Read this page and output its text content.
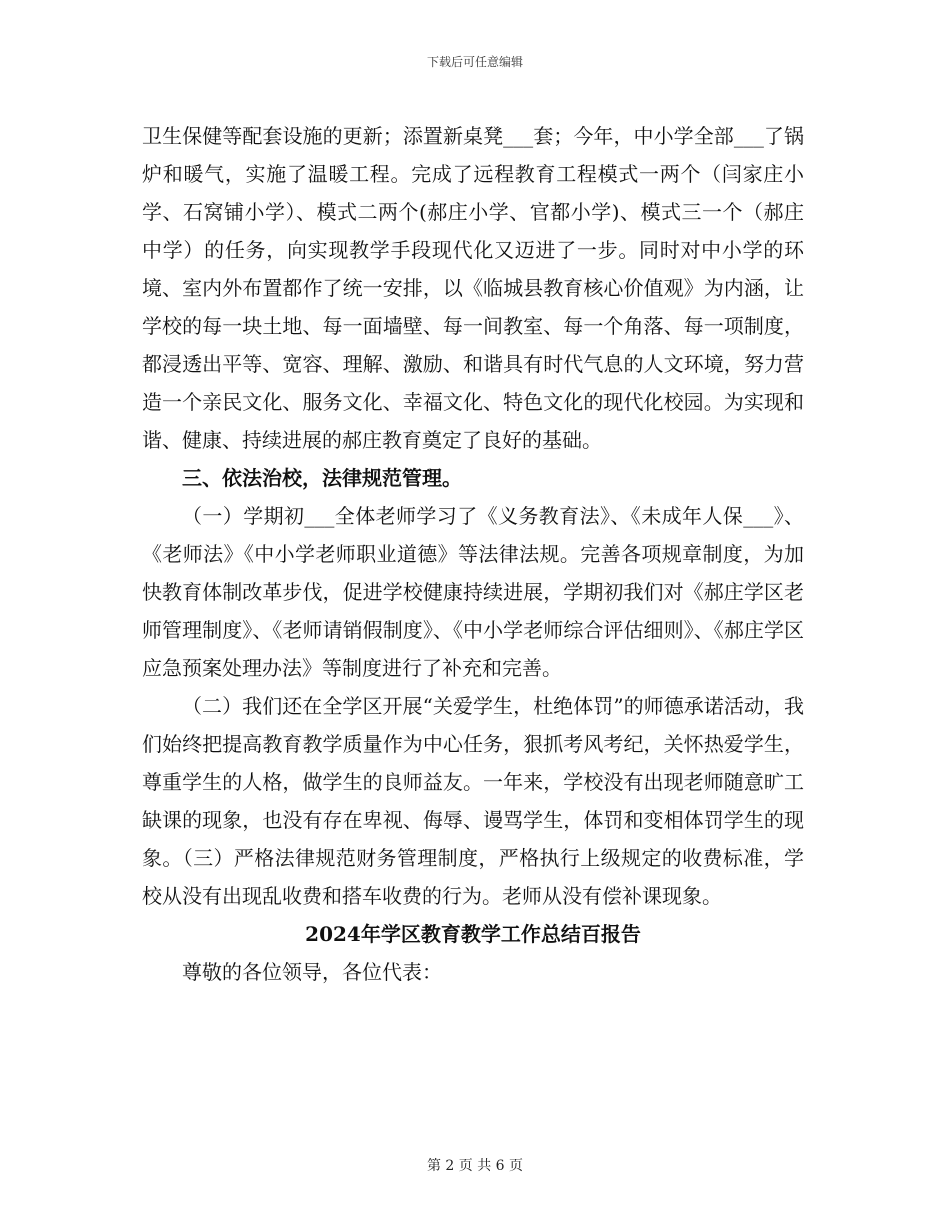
下载后可任意编辑

卫生保健等配套设施的更新；添置新桌凳___套；今年，中小学全部___了锅炉和暖气，实施了温暖工程。完成了远程教育工程模式一两个（闫家庄小学、石窝铺小学）、模式二两个(郝庄小学、官都小学)、模式三一个（郝庄中学）的任务，向实现教学手段现代化又迈进了一步。同时对中小学的环境、室内外布置都作了统一安排，以《临城县教育核心价值观》为内涵，让学校的每一块土地、每一面墙壁、每一间教室、每一个角落、每一项制度，都浸透出平等、宽容、理解、激励、和谐具有时代气息的人文环境，努力营造一个亲民文化、服务文化、幸福文化、特色文化的现代化校园。为实现和谐、健康、持续进展的郝庄教育奠定了良好的基础。

三、依法治校，法律规范管理。

（一）学期初___全体老师学习了《义务教育法》、《未成年人保___》、《老师法》《中小学老师职业道德》等法律法规。完善各项规章制度，为加快教育体制改革步伐，促进学校健康持续进展，学期初我们对《郝庄学区老师管理制度》、《老师请销假制度》、《中小学老师综合评估细则》、《郝庄学区应急预案处理办法》等制度进行了补充和完善。

（二）我们还在全学区开展“关爱学生，杜绝体罚”的师德承诺活动，我们始终把提高教育教学质量作为中心任务，狠抓考风考纪，关怀热爱学生，尊重学生的人格，做学生的良师益友。一年来，学校没有出现老师随意旷工缺课的现象，也没有存在卑视、侮辱、谩骂学生，体罚和变相体罚学生的现象。（三）严格法律规范财务管理制度，严格执行上级规定的收费标准，学校从没有出现乱收费和搭车收费的行为。老师从没有偿补课现象。

2024年学区教育教学工作总结百报告

尊敬的各位领导，各位代表：

第 2 页 共 6 页
